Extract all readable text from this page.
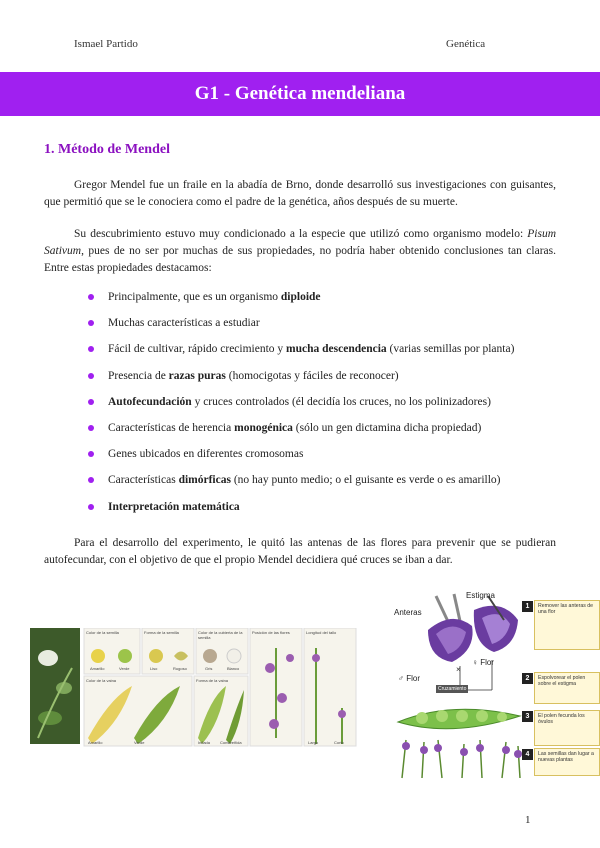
Ismael Partido	Genética
G1 - Genética mendeliana
1. Método de Mendel
Gregor Mendel fue un fraile en la abadía de Brno, donde desarrolló sus investigaciones con guisantes, que permitió que se le conociera como el padre de la genética, años después de su muerte.
Su descubrimiento estuvo muy condicionado a la especie que utilizó como organismo modelo: Pisum Sativum, pues de no ser por muchas de sus propiedades, no podría haber obtenido conclusiones tan claras. Entre estas propiedades destacamos:
Principalmente, que es un organismo diploide
Muchas características a estudiar
Fácil de cultivar, rápido crecimiento y mucha descendencia (varias semillas por planta)
Presencia de razas puras (homocigotas y fáciles de reconocer)
Autofecundación y cruces controlados (él decidía los cruces, no los polinizadores)
Características de herencia monogénica (sólo un gen dictamina dicha propiedad)
Genes ubicados en diferentes cromosomas
Características dimórficas (no hay punto medio; o el guisante es verde o es amarillo)
Interpretación matemática
Para el desarrollo del experimento, le quitó las antenas de las flores para prevenir que se pudieran autofecundar, con el objetivo de que el propio Mendel decidiera qué cruces se iban a dar.
Color de la semilla	Forma de la semilla	Color de la cubierta de la semilla
Posición de las flores	Longitud del tallo
Color de la vaina	Forma de la vaina
Amarillo	Verde	Liso	Rugoso	Gris	Blanco
Amarillo	Verde	Inflada Constreñida	Largo	Corto
×
Anteras
Estigma
♀ Flor
♂ Flor
Cruzamiento
1	Remover las anteras de una flor
2	Espolvorear el polen sobre el estigma
3	El polen fecunda los óvulos
4	Las semillas dan lugar a nuevas plantas
1
